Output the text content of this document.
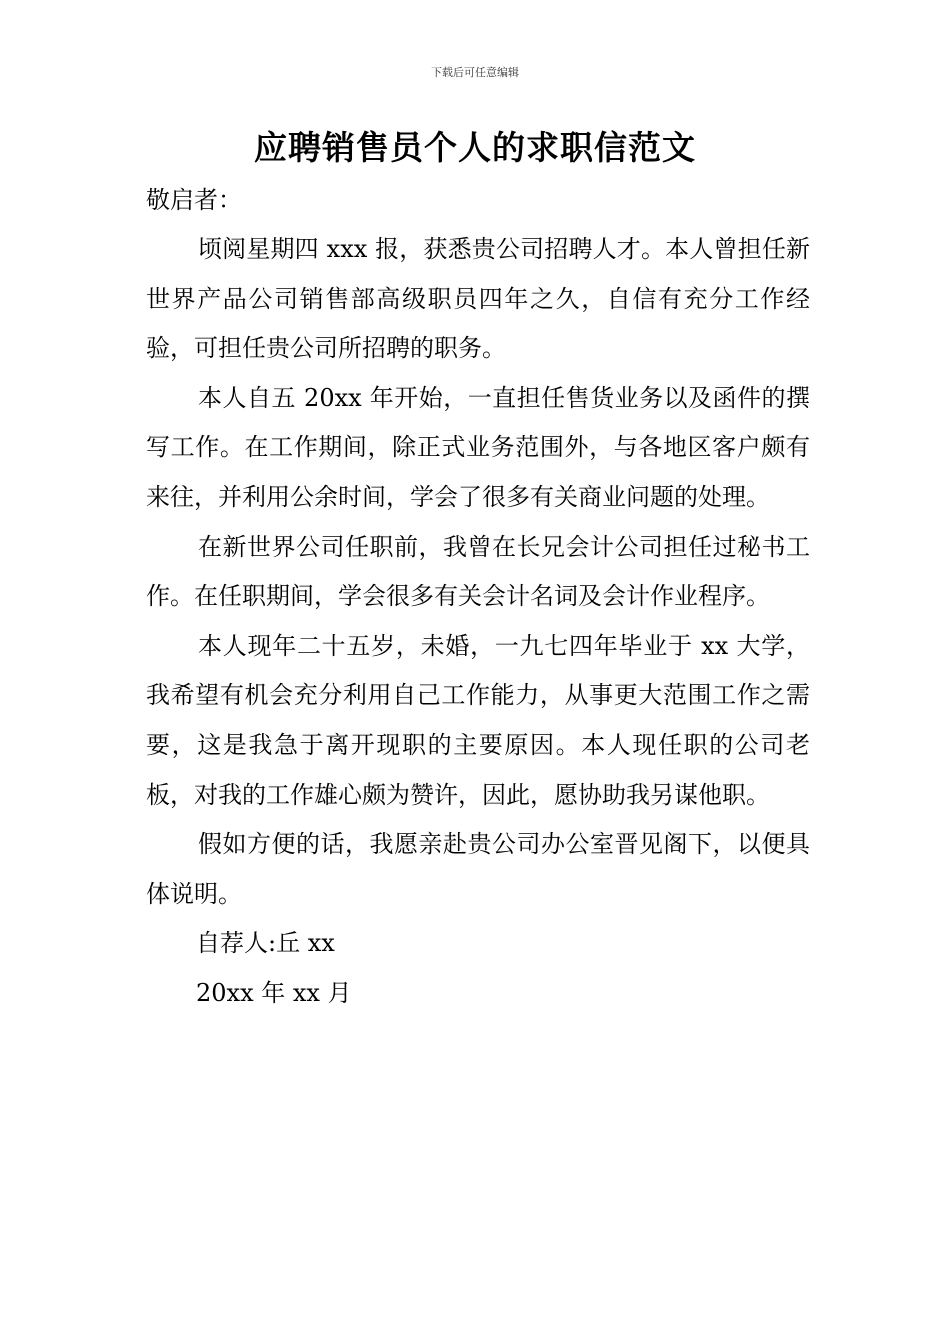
下载后可任意编辑
应聘销售员个人的求职信范文
敬启者：

顷阅星期四 xxx 报，获悉贵公司招聘人才。本人曾担任新世界产品公司销售部高级职员四年之久，自信有充分工作经验，可担任贵公司所招聘的职务。

本人自五 20xx 年开始，一直担任售货业务以及函件的撰写工作。在工作期间，除正式业务范围外，与各地区客户颇有来往，并利用公余时间，学会了很多有关商业问题的处理。

在新世界公司任职前，我曾在长兄会计公司担任过秘书工作。在任职期间，学会很多有关会计名词及会计作业程序。

本人现年二十五岁，未婚，一九七四年毕业于 xx 大学，我希望有机会充分利用自己工作能力，从事更大范围工作之需要，这是我急于离开现职的主要原因。本人现任职的公司老板，对我的工作雄心颇为赞许，因此，愿协助我另谋他职。

假如方便的话，我愿亲赴贵公司办公室晋见阁下，以便具体说明。

自荐人:丘 xx

20xx 年 xx 月
